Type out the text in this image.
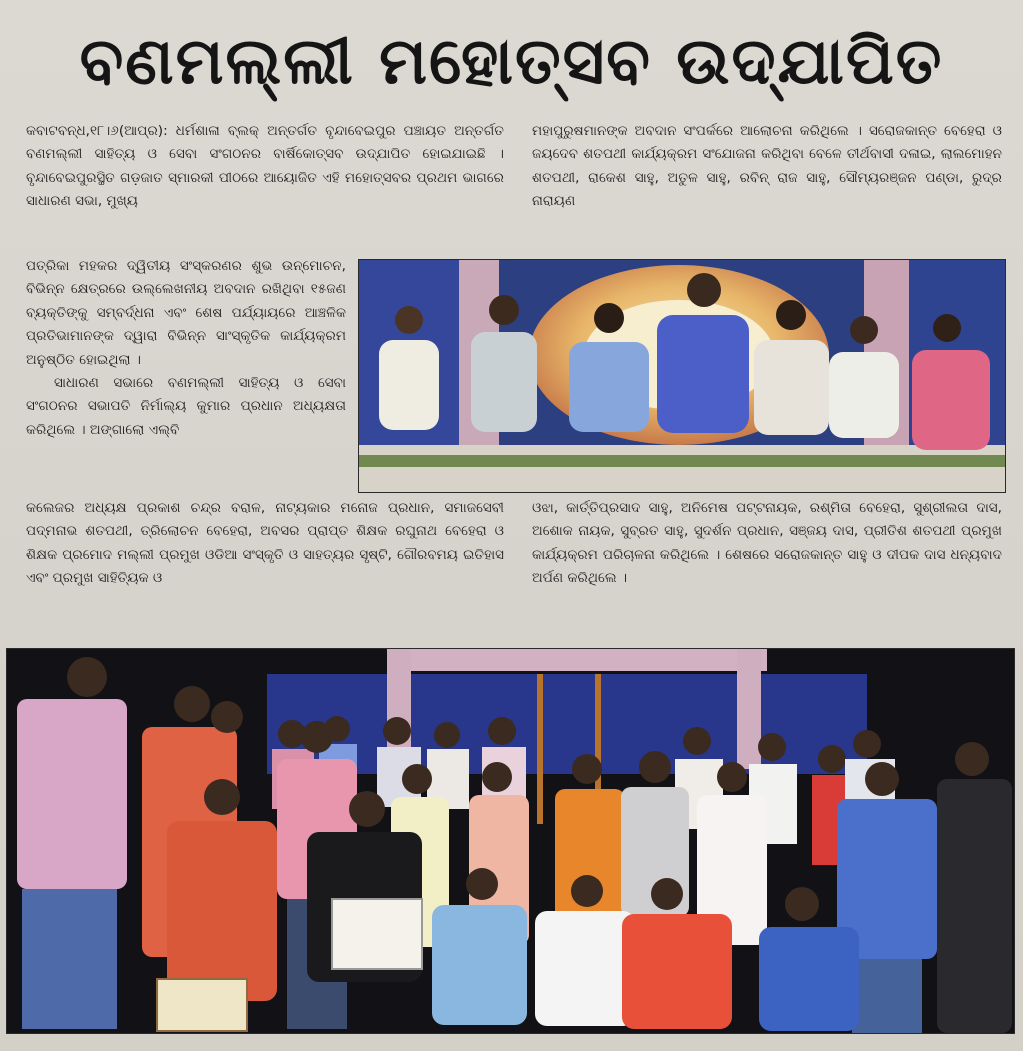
ବଣମଲ୍ଲୀ ମହୋତ୍ସବ ଉଦ୍‌ଯାପିତ

କବାଟବନ୍ଧ,୧୮।୬(ଆପ୍ର): ଧର୍ମଶାଳା ବ୍ଲକ୍ ଅନ୍ତର୍ଗତ ବୃନ୍ଦାବେଇପୁର ପଞ୍ଚାୟତ ଅନ୍ତର୍ଗତ ବଣମଲ୍ଲୀ ସାହିତ୍ୟ ଓ ସେବା ସଂଗଠନର ବାର୍ଷିକୋତ୍ସବ ଉଦ୍‌ଯାପିତ ହୋଇଯାଇଛି । ବୃନ୍ଦାବେଇପୁରସ୍ଥିତ ଗଡ଼ଜାତ ସ୍ମାରକୀ ପୀଠରେ ଆୟୋଜିତ ଏହି ମହୋତ୍ସବର ପ୍ରଥମ ଭାଗରେ ସାଧାରଣ ସଭା, ମୁଖ୍ୟ

ପତ୍ରିକା ମହକର ଦ୍ୱିତୀୟ ସଂସ୍କରଣର ଶୁଭ ଉନ୍ମୋଚନ, ବିଭିନ୍ନ କ୍ଷେତ୍ରରେ ଉଲ୍ଲେଖନୀୟ ଅବଦାନ ରଖିଥିବା ୧୫ଜଣ ବ୍ୟକ୍ତିଙ୍କୁ ସମ୍ବର୍ଦ୍ଧନା ଏବଂ ଶେଷ ପର୍ଯ୍ୟାୟରେ ଆଞ୍ଚଳିକ ପ୍ରତିଭାମାନଙ୍କ ଦ୍ୱାରା ବିଭିନ୍ନ ସାଂସ୍କୃତିକ କାର୍ଯ୍ୟକ୍ରମ ଅନୁଷ୍ଠିତ ହୋଇଥିଲା ।

ସାଧାରଣ ସଭାରେ ବଣମଲ୍ଲୀ ସାହିତ୍ୟ ଓ ସେବା ସଂଗଠନର ସଭାପତି ନିର୍ମାଲ୍ୟ କୁମାର ପ୍ରଧାନ ଅଧ୍ୟକ୍ଷତା କରିଥିଲେ । ଅଙ୍ଗାଲୋ ଏଲ୍‌ବି

କଲେଜର ଅଧ୍ୟକ୍ଷ ପ୍ରକାଶ ଚନ୍ଦ୍ର ବରାଳ, ନାଟ୍ୟକାର ମନୋଜ ପ୍ରଧାନ, ସମାଜସେବୀ ପଦ୍ମନାଭ ଶତପଥୀ, ତ୍ରିଲୋଚନ ବେହେରା, ଅବସର ପ୍ରାପ୍ତ ଶିକ୍ଷକ ରଘୁନାଥ ବେହେରା ଓ ଶିକ୍ଷକ ପ୍ରମୋଦ ମଲ୍ଲୀ ପ୍ରମୁଖ ଓଡିଆ ସଂସ୍କୃତି ଓ ସାହତ୍ୟର ସୃଷ୍ଟି, ଗୌରବମୟ ଇତିହାସ ଏବଂ ପ୍ରମୁଖ ସାହିତ୍ୟିକ ଓ

ମହାପୁରୁଷମାନଙ୍କ ଅବଦାନ ସଂପର୍କରେ ଆଲୋଚନା କରିଥିଲେ । ସରୋଜକାନ୍ତ ବେହେରା ଓ ଜୟଦେବ ଶତପଥୀ କାର୍ଯ୍ୟକ୍ରମ ସଂଯୋଜନା କରିଥିବା ବେଳେ ତୀର୍ଥବାସୀ ଦଳାଇ, ଲାଲମୋହନ ଶତପଥୀ, ରାକେଶ ସାହୁ, ଅତୁଳ ସାହୁ, ରବିନ୍ ରାଜ ସାହୁ, ସୌମ୍ୟରଞ୍ଜନ ପଣ୍ଡା, ରୁଦ୍ର ନାରାୟଣ

ଓଝା, କାର୍ତ୍ତିପ୍ରସାଦ ସାହୁ, ଅନିମେଷ ପଟ୍ଟନାୟକ, ରଶ୍ମିତା ବେହେରା, ସୁଶ୍ରୀଲତା ଦାସ, ଅଶୋକ ନାୟକ, ସୁବ୍ରତ ସାହୁ, ସୁଦର୍ଶନ ପ୍ରଧାନ, ସଞ୍ଜୟ ଦାସ, ପ୍ରୀତିଶ ଶତପଥୀ ପ୍ରମୁଖ କାର୍ଯ୍ୟକ୍ରମ ପରିଚାଳନା କରିଥିଲେ । ଶେଷରେ ସରୋଜକାନ୍ତ ସାହୁ ଓ ଦୀପକ ଦାସ ଧନ୍ୟବାଦ ଅର୍ପଣ କରିଥିଲେ ।
